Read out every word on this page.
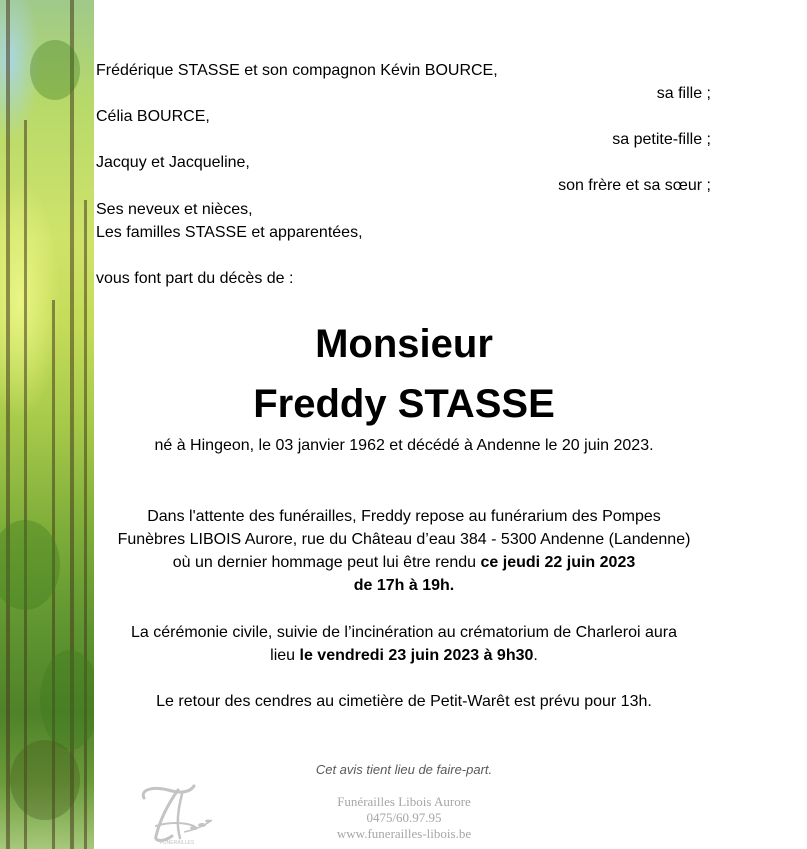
Frédérique STASSE et son compagnon Kévin BOURCE,
sa fille ;
Célia BOURCE,
sa petite-fille ;
Jacquy et Jacqueline,
son frère et sa sœur ;
Ses neveux et nièces,
Les familles STASSE et apparentées,
vous font part du décès de :
Monsieur
Freddy STASSE
né à Hingeon, le 03 janvier 1962 et décédé à Andenne le 20 juin 2023.
Dans l'attente des funérailles, Freddy repose au funérarium des Pompes
Funèbres LIBOIS Aurore, rue du Château d’eau 384 - 5300 Andenne (Landenne)
où un dernier hommage peut lui être rendu ce jeudi 22 juin 2023
de 17h à 19h.
La cérémonie civile, suivie de l’incinération au crématorium de Charleroi aura
lieu le vendredi 23 juin 2023 à 9h30.
Le retour des cendres au cimetière de Petit-Warêt est prévu pour 13h.
Cet avis tient lieu de faire-part.
Funérailles Libois Aurore
0475/60.97.95
www.funerailles-libois.be
FUNERAILLES
